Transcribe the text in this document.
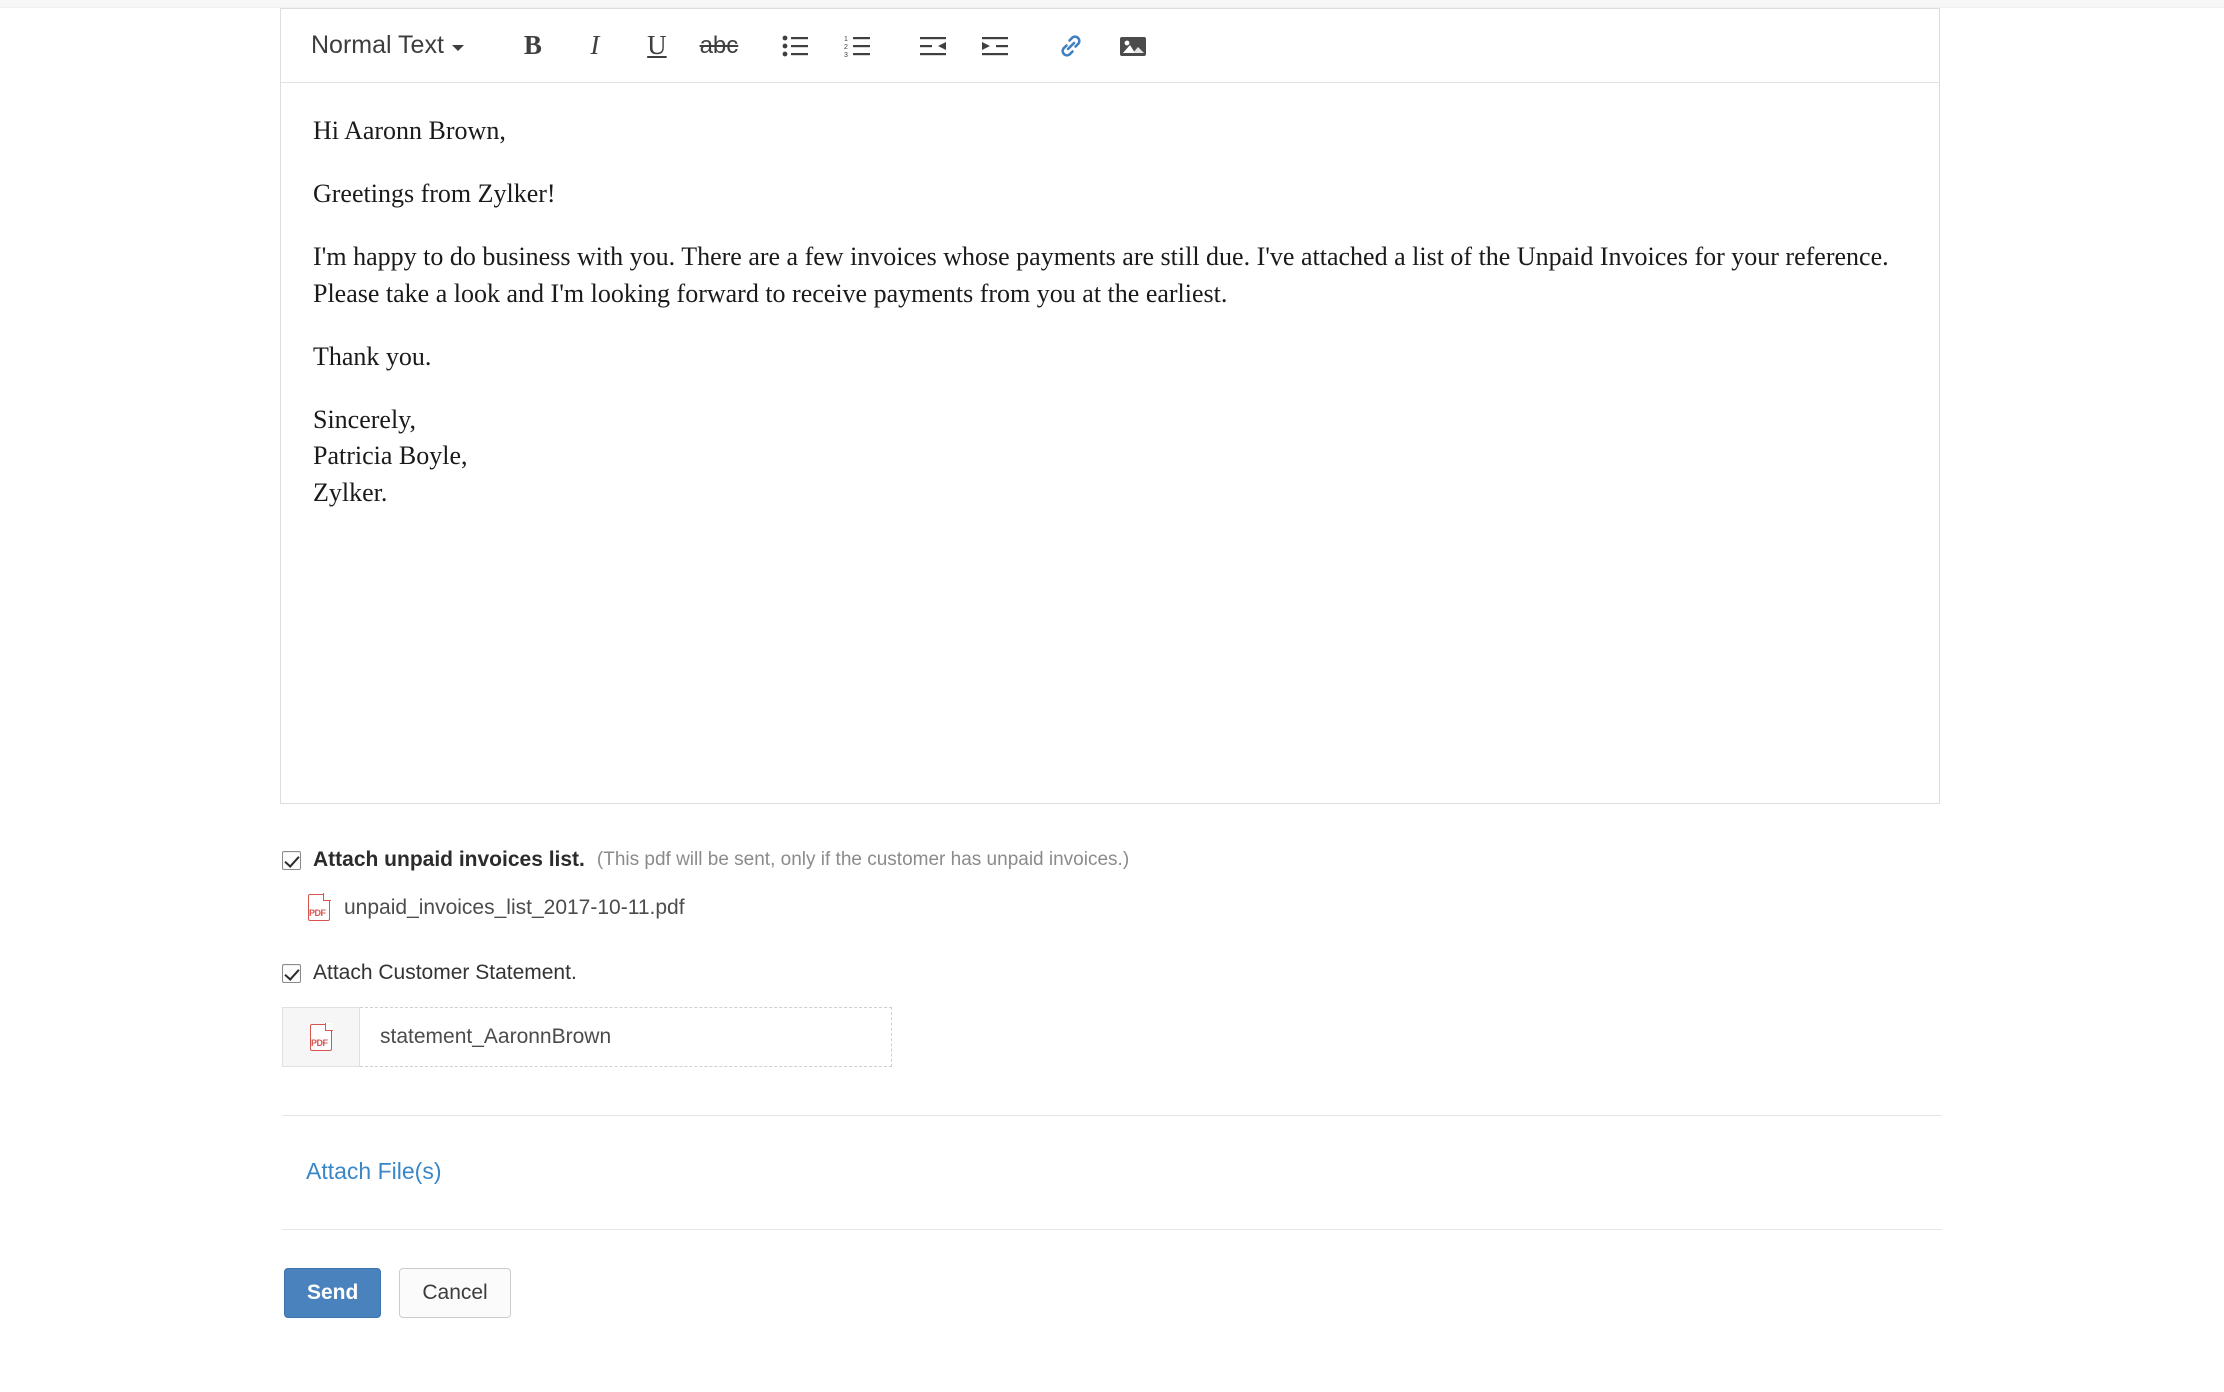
Normal Text	B	I	U	abc	1
2
3

Hi Aaronn Brown,

Greetings from Zylker!

I'm happy to do business with you. There are a few invoices whose payments are still due. I've attached a list of the Unpaid Invoices for your reference. Please take a look and I'm looking forward to receive payments from you at the earliest.

Thank you.

Sincerely,

Patricia Boyle,

Zylker.

Attach unpaid invoices list. (This pdf will be sent, only if the customer has unpaid invoices.)
PDF unpaid_invoices_list_2017-10-11.pdf
Attach Customer Statement.
PDF	statement_AaronnBrown
Attach File(s)
Send	Cancel
